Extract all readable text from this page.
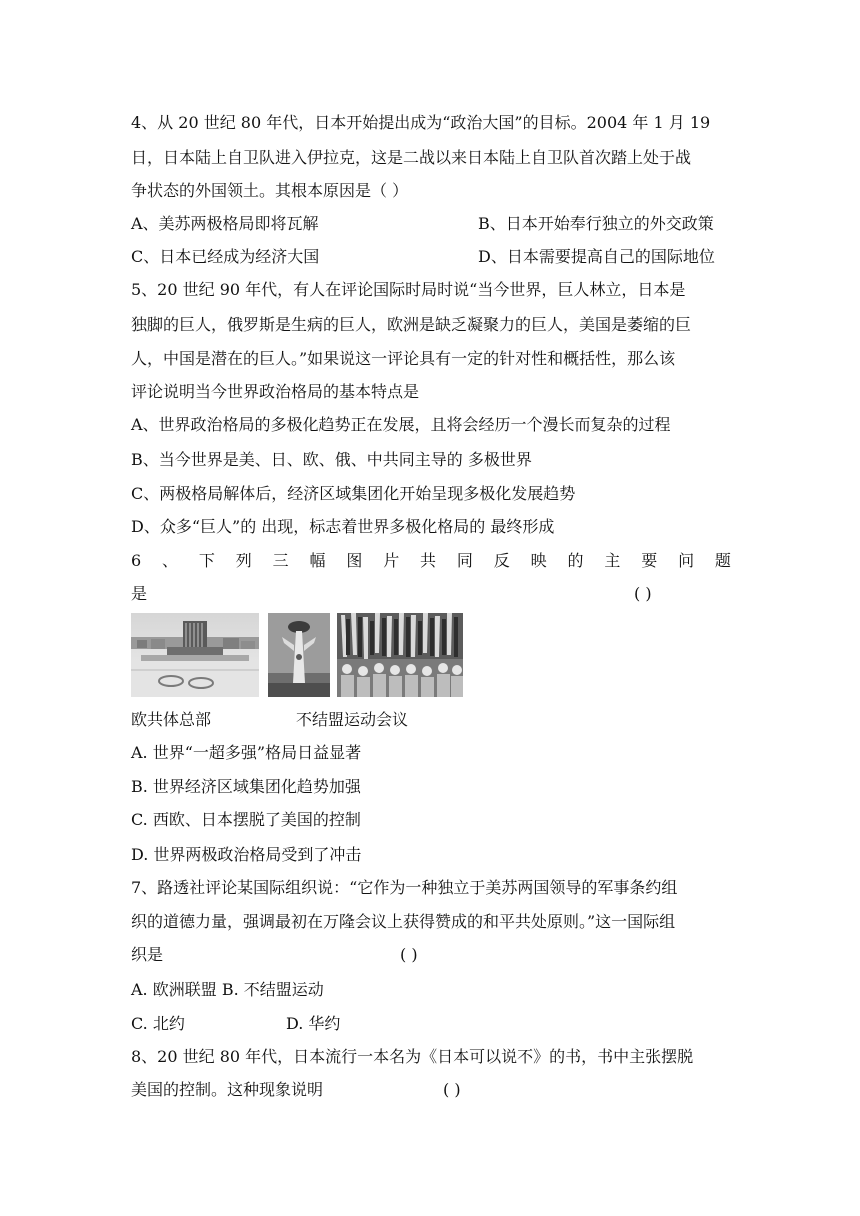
4、从 20 世纪 80 年代，日本开始提出成为“政治大国”的目标。2004 年 1 月 19
日，日本陆上自卫队进入伊拉克，这是二战以来日本陆上自卫队首次踏上处于战
争状态的外国领土。其根本原因是（ ）
A、美苏两极格局即将瓦解	B、日本开始奉行独立的外交政策
C、日本已经成为经济大国	D、日本需要提高自己的国际地位
5、20 世纪 90 年代，有人在评论国际时局时说“当今世界，巨人林立，日本是
独脚的巨人，俄罗斯是生病的巨人，欧洲是缺乏凝聚力的巨人，美国是萎缩的巨
人，中国是潜在的巨人。”如果说这一评论具有一定的针对性和概括性，那么该
评论说明当今世界政治格局的基本特点是
A、世界政治格局的多极化趋势正在发展，且将会经历一个漫长而复杂的过程
B、当今世界是美、日、欧、俄、中共同主导的 多极世界
C、两极格局解体后，经济区域集团化开始呈现多极化发展趋势
D、众多“巨人”的 出现，标志着世界多极化格局的 最终形成
6 、 下 列 三 幅 图 片 共 同 反 映 的 主 要 问 题
是	( )
欧共体总部	不结盟运动会议
A. 世界“一超多强”格局日益显著
B. 世界经济区域集团化趋势加强
C. 西欧、日本摆脱了美国的控制
D. 世界两极政治格局受到了冲击
7、路透社评论某国际组织说：“它作为一种独立于美苏两国领导的军事条约组
织的道德力量，强调最初在万隆会议上获得赞成的和平共处原则。”这一国际组
织是	( )
A. 欧洲联盟 B. 不结盟运动
C. 北约	D. 华约
8、20 世纪 80 年代，日本流行一本名为《日本可以说不》的书，书中主张摆脱
美国的控制。这种现象说明	( )
